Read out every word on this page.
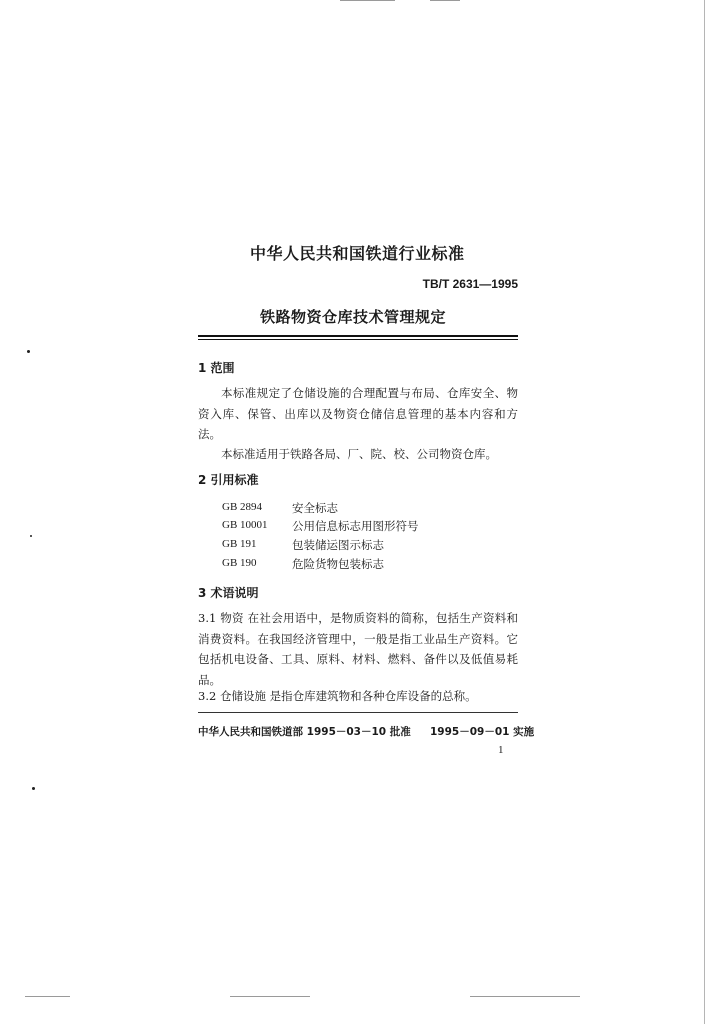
中华人民共和国铁道行业标准
TB/T 2631—1995
铁路物资仓库技术管理规定
1 范围
本标准规定了仓储设施的合理配置与布局、仓库安全、物资入库、保管、出库以及物资仓储信息管理的基本内容和方法。
本标准适用于铁路各局、厂、院、校、公司物资仓库。
2 引用标准
GB 2894	安全标志
GB 10001 公用信息标志用图形符号
GB 191	包装储运图示标志
GB 190	危险货物包装标志
3 术语说明
3.1 物资 在社会用语中，是物质资料的简称，包括生产资料和消费资料。在我国经济管理中，一般是指工业品生产资料。它包括机电设备、工具、原料、材料、燃料、备件以及低值易耗品。
3.2 仓储设施 是指仓库建筑物和各种仓库设备的总称。
中华人民共和国铁道部 1995－03－10 批准 1995－09－01 实施
1
